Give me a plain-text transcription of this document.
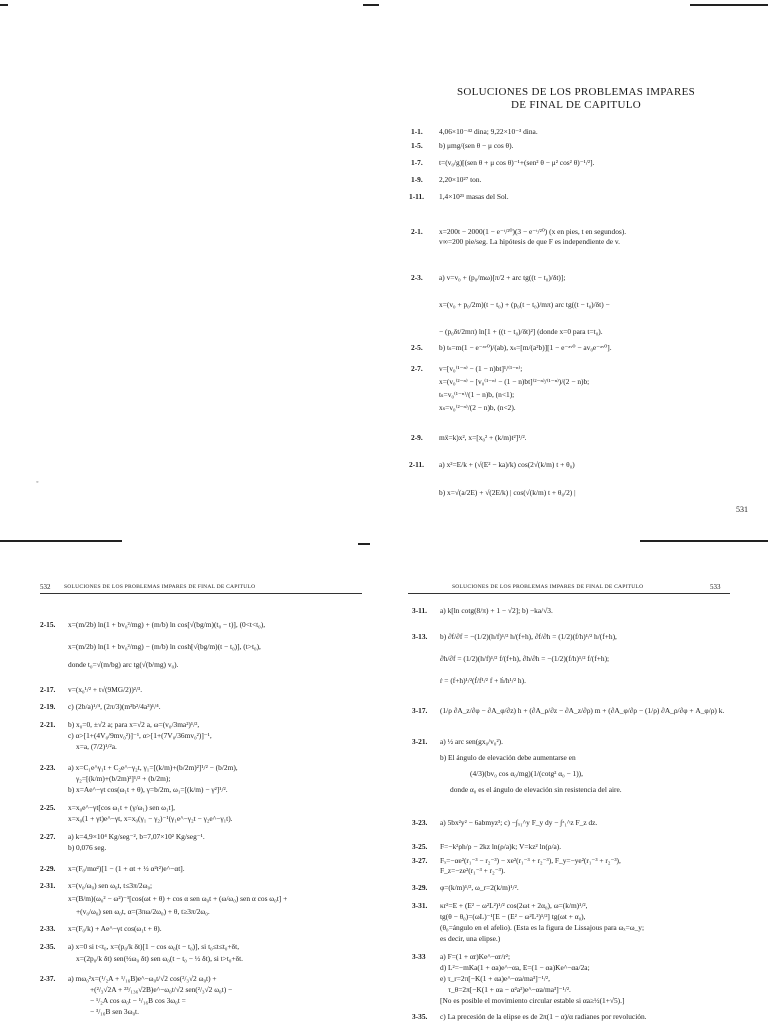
◦
SOLUCIONES DE LOS PROBLEMAS IMPARES
DE FINAL DE CAPITULO
1-1. 4,06×10⁻⁴² dina; 9,22×10⁻³ dina.
1-5. b) μmg/(sen θ − μ cos θ).
1-7. t=(v₀/g)[(sen θ + μ cos θ)⁻¹+(sen² θ − μ² cos² θ)⁻¹/²].
1-9. 2,20×10²⁷ ton.
1-11. 1,4×10²¹ masas del Sol.
2-1. x=200t − 2000(1 − e⁻ᵗ/²⁰)(3 − e⁻ᵗ/²⁰) (x en pies, t en segundos).
v∞=200 pie/seg. La hipótesis de que F es independiente de v.
2-3. a) v=v₀ + (p₀/mω)[π/2 + arc tg((t − t₀)/δt)];
x=(v₀ + p₀/2m)(t − t₀) + (p₀(t − t₀)/mπ) arc tg((t − t₀)/δt) −
− (p₀δt/2mπ) ln[1 + ((t − t₀)/δt)²] (donde x=0 para t=t₀).
2-5. b) tₛ=m(1 − e⁻ᵃᵛ⁰)/(ab), xₛ=[m/(a²b)][1 − e⁻ᵃᵛ⁰ − av₀e⁻ᵃᵛ⁰].
2-7. v=[v₀⁽¹⁻ⁿ⁾ − (1 − n)bt]¹/⁽¹⁻ⁿ⁾;
x=(v₀⁽²⁻ⁿ⁾ − [v₀⁽¹⁻ⁿ⁾ − (1 − n)bt]⁽²⁻ⁿ⁾/⁽¹⁻ⁿ⁾)/(2 − n)b;
tₛ=v₀⁽¹⁻ⁿ⁾/(1 − n)b, (n<1);
xₛ=v₀⁽²⁻ⁿ⁾/(2 − n)b, (n<2).
2-9. mẍ=k)x², x=[x₀² + (k/m)t²]¹/².
2-11. a) x²=E/k + (√(E² − ka)/k) cos(2√(k/m) t + θ₀)

b) x=√(a/2E) + √(2E/k) | cos(√(k/m) t + θ₀/2) |
531
532 SOLUCIONES DE LOS PROBLEMAS IMPARES DE FINAL DE CAPITULO
2-15. x=(m/2b) ln(1 + bv₀²/mg) + (m/b) ln cos[√(bg/m)(t₀ − t)], (0<t<t₀),
x=(m/2b) ln(1 + bv₀²/mg) − (m/b) ln cosh[√(bg/m)(t − t₀)], (t>t₀),
donde t₀=√(m/bg) arc tg(√(b/mg) v₀).
2-17. v=(x₀¹/² + t√(9MG/2))²/³.
2-19. c) (2b/a)¹/⁴, (2π/3)(m²b²/4a³)¹/⁴.
2-21. b) x₀=0, ±√2 a; para x=√2 a, ω=(v₀/3ma²)¹/²,
c) α>[1+(4V₀/9mv₀²)]⁻¹, α>[1+(7V₀/36mv₀²)]⁻¹,
x=a, (7/2)¹/²a.
2-23. a) x=C₁e^γ₁t + C₂e^−γ₂t, γ₁=[(k/m)+(b/2m)²]¹/² − (b/2m),
γ₂=[(k/m)+(b/2m)²]¹/² + (b/2m);
b) x=Ae^−γt cos(ω₁t + θ), γ=b/2m, ω₁=[(k/m) − γ²]¹/².
2-25. x=x₀e^−γt[cos ω₁t + (γ/ω₁) sen ω₁t],
x=x₀(1 + γt)e^−γt, x=x₀(γ₁ − γ₂)⁻¹(γ₁e^−γ₂t − γ₂e^−γ₁t).
2-27. a) k=4,9×10⁴ Kg/seg⁻², b=7,07×10² Kg/seg⁻¹.
b) 0,076 seg.
2-29. x=(F₀/mα²)[1 − (1 + αt + ½ α²t²)e^−αt].
2-31. x=(v₀/ω₀) sen ω₀t, t≤3π/2ω₀;
x=(B/m)(ω₀² − ω²)⁻¹[cos(ωt + θ) + cos α sen ω₀t + (ω/ω₀) sen α cos ω₀t] +
+(v₀/ω₀) sen ω₀t, α=(3πω/2ω₀) + θ, t≥3π/2ω₀.
2-33. x=(F₀/k) + Ae^−γt cos(ω₁t + θ).
2-35. a) x=0 si t<t₀, x=(p₀/k δt)[1 − cos ω₀(t − t₀)], si t₀≤t≤t₀+δt,
x=(2p₀/k δt) sen(½ω₀ δt) sen ω₀(t − t₀ − ½ δt), si t>t₀+δt.
2-37. a) mω₀²x=(¹/₂A + ¹/₁₆B)e^−ω₀t/√2 cos(²/₃√2 ω₀t) +
+(²/₃√2A + ²³/₁₃₆√2B)e^−ω₀t/√2 sen(²/₃√2 ω₀t) −
− ¹/₂A cos ω₀t − ¹/₁₆B cos 3ω₀t =
− ³/₁₆B sen 3ω₀t.
SOLUCIONES DE LOS PROBLEMAS IMPARES DE FINAL DE CAPITULO	533
3-11. a) k[ln cotg(8/π) + 1 − √2]; b) −ka/√3.
3-13. b) ∂f/∂f = −(1/2)(h/f)¹/² h/(f+h), ∂f/∂h = (1/2)(f/h)¹/² h/(f+h),
∂h/∂f = (1/2)(h/f)¹/² f/(f+h), ∂h/∂h = −(1/2)(f/h)¹/² f/(f+h);
ṙ = (f+h)¹/²(ḟ/f¹/² f + ḣ/h¹/² h).
3-17. (1/ρ ∂A_z/∂φ − ∂A_φ/∂z) h + (∂A_ρ/∂z − ∂A_z/∂ρ) m + (∂A_φ/∂ρ − (1/ρ) ∂A_ρ/∂φ + A_φ/ρ) k.
3-21. a) ½ arc sen(gx₀/v₀²).
b) El ángulo de elevación debe aumentarse en
(4/3)(bv₀ cos α₀/mg)(1/(cotg² α₀ − 1)),
donde α₀ es el ángulo de elevación sin resistencia del aire.
3-23. a) 5bx²y² − 6abmyz³; c) −∫ₓ₁^y F_y dy − ∫ᶻ₁^z F_z dz.
3-25. F=−k²ρh/ρ − 2kz ln(ρ/a)k; V=kz² ln(ρ/a).
3-27. Fₓ=−αe²(r₁⁻³ − r₂⁻³) − xe²(r₁⁻³ + r₂⁻³), F_y=−ye²(r₁⁻³ + r₂⁻³),
F_z=−ze²(r₁⁻³ + r₂⁻³).
3-29. φ=(k/m)¹/², ω_r=2(k/m)¹/².
3-31. κr²=E + (E² − ω²L²)¹/² cos(2ωt + 2α₀), ω=(k/m)¹/²,
tg(θ − θ₀)=(ωL)⁻¹[E − (E² − ω²L²)¹/²] tg(ωt + α₀),
(θ₀=ángulo en el afelio). (Esta es la figura de Lissajous para ωₓ=ω_y;
es decir, una elipse.)
3-33 a) F=(1 + αr)Ke^−αr/r²;
d) L²=−mKa(1 + αa)e^−αa, E=(1 − αa)Ke^−αa/2a;
e) τ_r=2π[−K(1 + αa)e^−αa/ma³]⁻¹/²,
τ_θ=2π[−K(1 + αa − α²a²)e^−αa/ma³]⁻¹/².
[No es posible el movimiento circular estable si αa≥½(1+√5).]
3-35. c) La precesión de la elipse es de 2π(1 − α)/α radianes por revolución.
